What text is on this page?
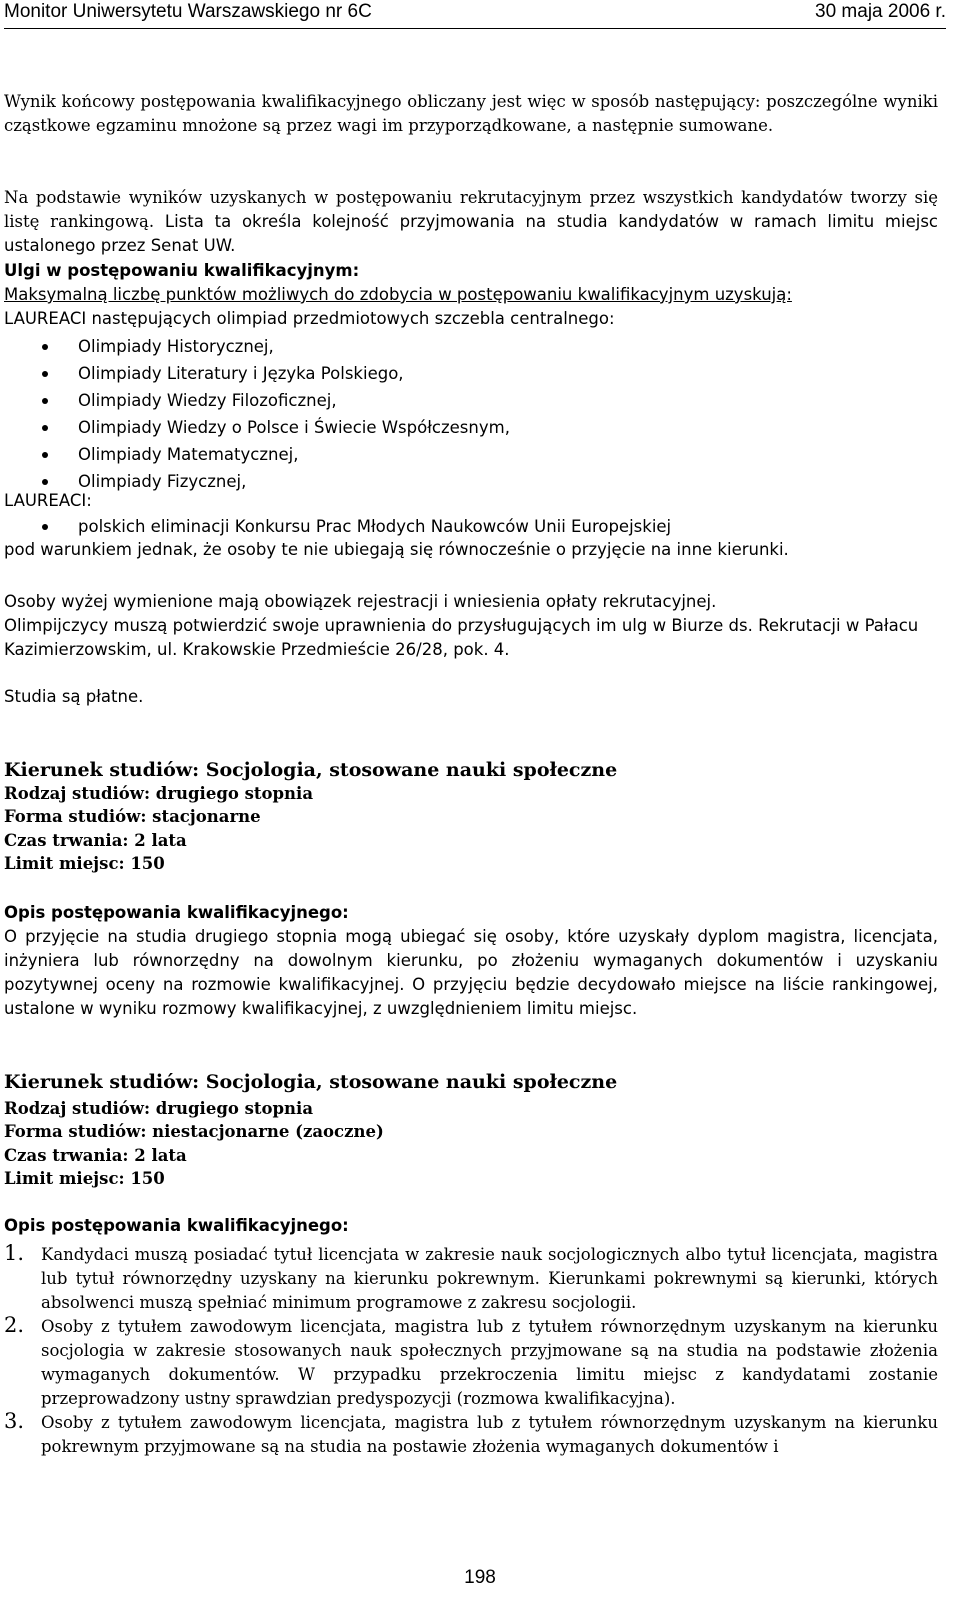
Monitor Uniwersytetu Warszawskiego nr 6C	30 maja 2006 r.
Wynik końcowy postępowania kwalifikacyjnego obliczany jest więc w sposób następujący: poszczególne wyniki cząstkowe egzaminu mnożone są przez wagi im przyporządkowane, a następnie sumowane.
Na podstawie wyników uzyskanych w postępowaniu rekrutacyjnym przez wszystkich kandydatów tworzy się listę rankingową. Lista ta określa kolejność przyjmowania na studia kandydatów w ramach limitu miejsc ustalonego przez Senat UW.
Ulgi w postępowaniu kwalifikacyjnym:
Maksymalną liczbę punktów możliwych do zdobycia w postępowaniu kwalifikacyjnym uzyskują:
LAUREACI następujących olimpiad przedmiotowych szczebla centralnego:
Olimpiady Historycznej,
Olimpiady Literatury i Języka Polskiego,
Olimpiady Wiedzy Filozoficznej,
Olimpiady Wiedzy o Polsce i Świecie Współczesnym,
Olimpiady Matematycznej,
Olimpiady Fizycznej,
LAUREACI:
polskich eliminacji Konkursu Prac Młodych Naukowców Unii Europejskiej
pod warunkiem jednak, że osoby te nie ubiegają się równocześnie o przyjęcie na inne kierunki.
Osoby wyżej wymienione mają obowiązek rejestracji i wniesienia opłaty rekrutacyjnej.
Olimpijczycy muszą potwierdzić swoje uprawnienia do przysługujących im ulg w Biurze ds. Rekrutacji w Pałacu Kazimierzowskim, ul. Krakowskie Przedmieście 26/28, pok. 4.
Studia są płatne.
Kierunek studiów: Socjologia, stosowane nauki społeczne
Rodzaj studiów: drugiego stopnia
Forma studiów: stacjonarne
Czas trwania: 2 lata
Limit miejsc: 150
Opis postępowania kwalifikacyjnego:
O przyjęcie na studia drugiego stopnia mogą ubiegać się osoby, które uzyskały dyplom magistra, licencjata, inżyniera lub równorzędny na dowolnym kierunku, po złożeniu wymaganych dokumentów i uzyskaniu pozytywnej oceny na rozmowie kwalifikacyjnej. O przyjęciu będzie decydowało miejsce na liście rankingowej, ustalone w wyniku rozmowy kwalifikacyjnej, z uwzględnieniem limitu miejsc.
Kierunek studiów: Socjologia, stosowane nauki społeczne
Rodzaj studiów: drugiego stopnia
Forma studiów: niestacjonarne (zaoczne)
Czas trwania: 2 lata
Limit miejsc: 150
Opis postępowania kwalifikacyjnego:
1. Kandydaci muszą posiadać tytuł licencjata w zakresie nauk socjologicznych albo tytuł licencjata, magistra lub tytuł równorzędny uzyskany na kierunku pokrewnym. Kierunkami pokrewnymi są kierunki, których absolwenci muszą spełniać minimum programowe z zakresu socjologii.
2. Osoby z tytułem zawodowym licencjata, magistra lub z tytułem równorzędnym uzyskanym na kierunku socjologia w zakresie stosowanych nauk społecznych przyjmowane są na studia na podstawie złożenia wymaganych dokumentów. W przypadku przekroczenia limitu miejsc z kandydatami zostanie przeprowadzony ustny sprawdzian predyspozycji (rozmowa kwalifikacyjna).
3. Osoby z tytułem zawodowym licencjata, magistra lub z tytułem równorzędnym uzyskanym na kierunku pokrewnym przyjmowane są na studia na postawie złożenia wymaganych dokumentów i
198
